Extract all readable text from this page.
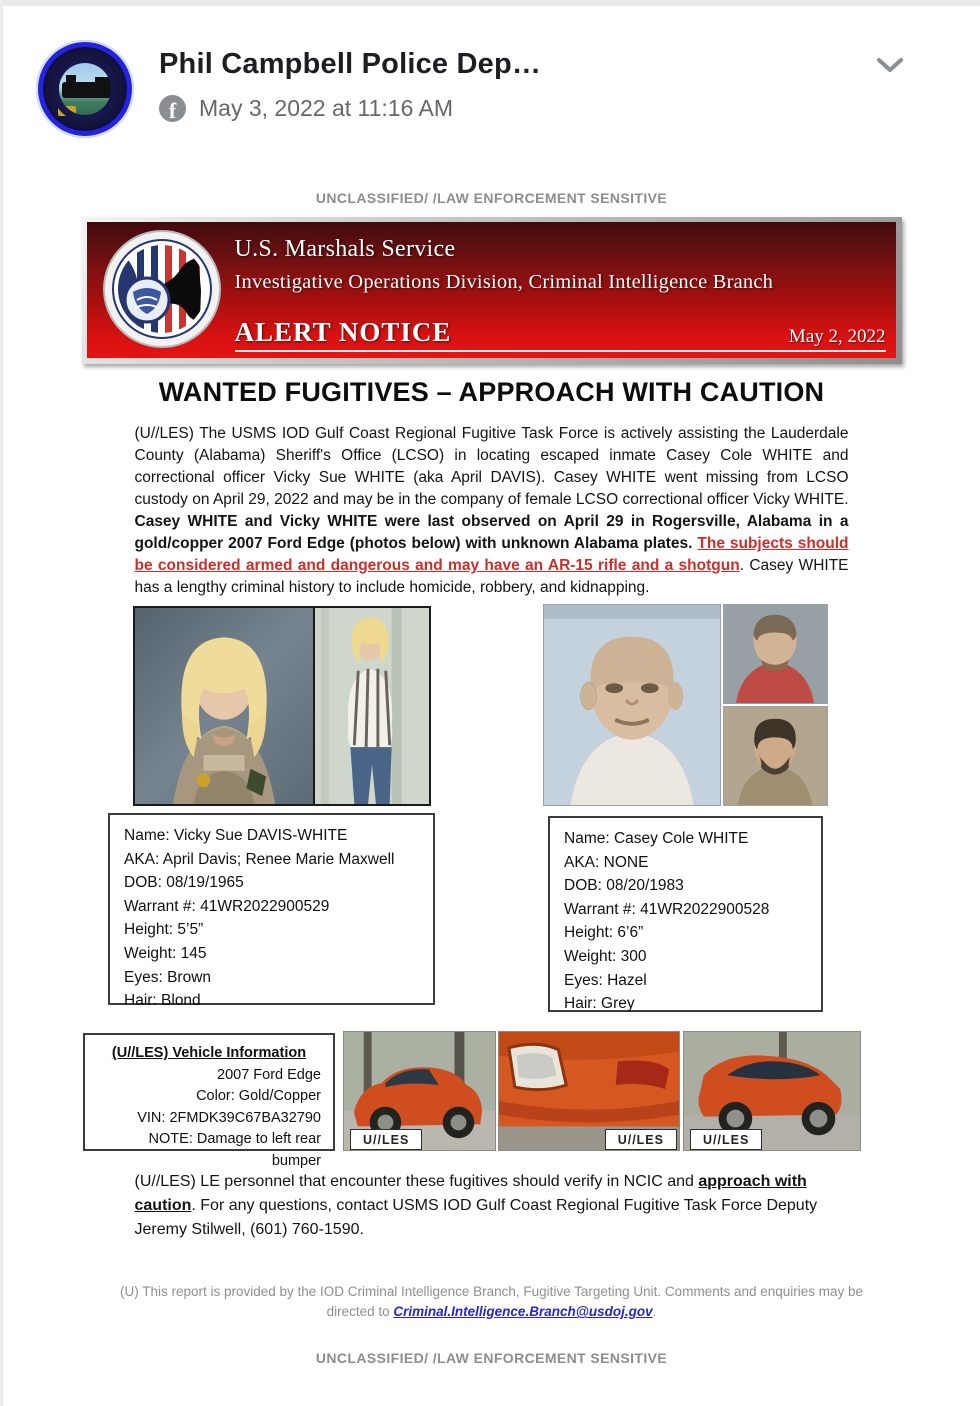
Phil Campbell Police Dep…
f May 3, 2022 at 11:16 AM
UNCLASSIFIED/ /LAW ENFORCEMENT SENSITIVE
U.S. Marshals Service
Investigative Operations Division, Criminal Intelligence Branch
ALERT NOTICE	May 2, 2022
WANTED FUGITIVES – APPROACH WITH CAUTION
(U//LES) The USMS IOD Gulf Coast Regional Fugitive Task Force is actively assisting the Lauderdale County (Alabama) Sheriff's Office (LCSO) in locating escaped inmate Casey Cole WHITE and correctional officer Vicky Sue WHITE (aka April DAVIS). Casey WHITE went missing from LCSO custody on April 29, 2022 and may be in the company of female LCSO correctional officer Vicky WHITE. Casey WHITE and Vicky WHITE were last observed on April 29 in Rogersville, Alabama in a gold/copper 2007 Ford Edge (photos below) with unknown Alabama plates. The subjects should be considered armed and dangerous and may have an AR-15 rifle and a shotgun. Casey WHITE has a lengthy criminal history to include homicide, robbery, and kidnapping.
Name: Vicky Sue DAVIS-WHITE
AKA: April Davis; Renee Marie Maxwell
DOB: 08/19/1965
Warrant #: 41WR2022900529
Height: 5’5”
Weight: 145
Eyes: Brown
Hair: Blond
Name: Casey Cole WHITE
AKA: NONE
DOB: 08/20/1983
Warrant #: 41WR2022900528
Height: 6’6”
Weight: 300
Eyes: Hazel
Hair: Grey
(U//LES) Vehicle Information
2007 Ford Edge
Color: Gold/Copper
VIN: 2FMDK39C67BA32790
NOTE: Damage to left rear bumper
U//LES	U//LES	U//LES
(U//LES) LE personnel that encounter these fugitives should verify in NCIC and approach with caution. For any questions, contact USMS IOD Gulf Coast Regional Fugitive Task Force Deputy Jeremy Stilwell, (601) 760-1590.
(U) This report is provided by the IOD Criminal Intelligence Branch, Fugitive Targeting Unit. Comments and enquiries may be directed to Criminal.Intelligence.Branch@usdoj.gov.
UNCLASSIFIED/ /LAW ENFORCEMENT SENSITIVE
